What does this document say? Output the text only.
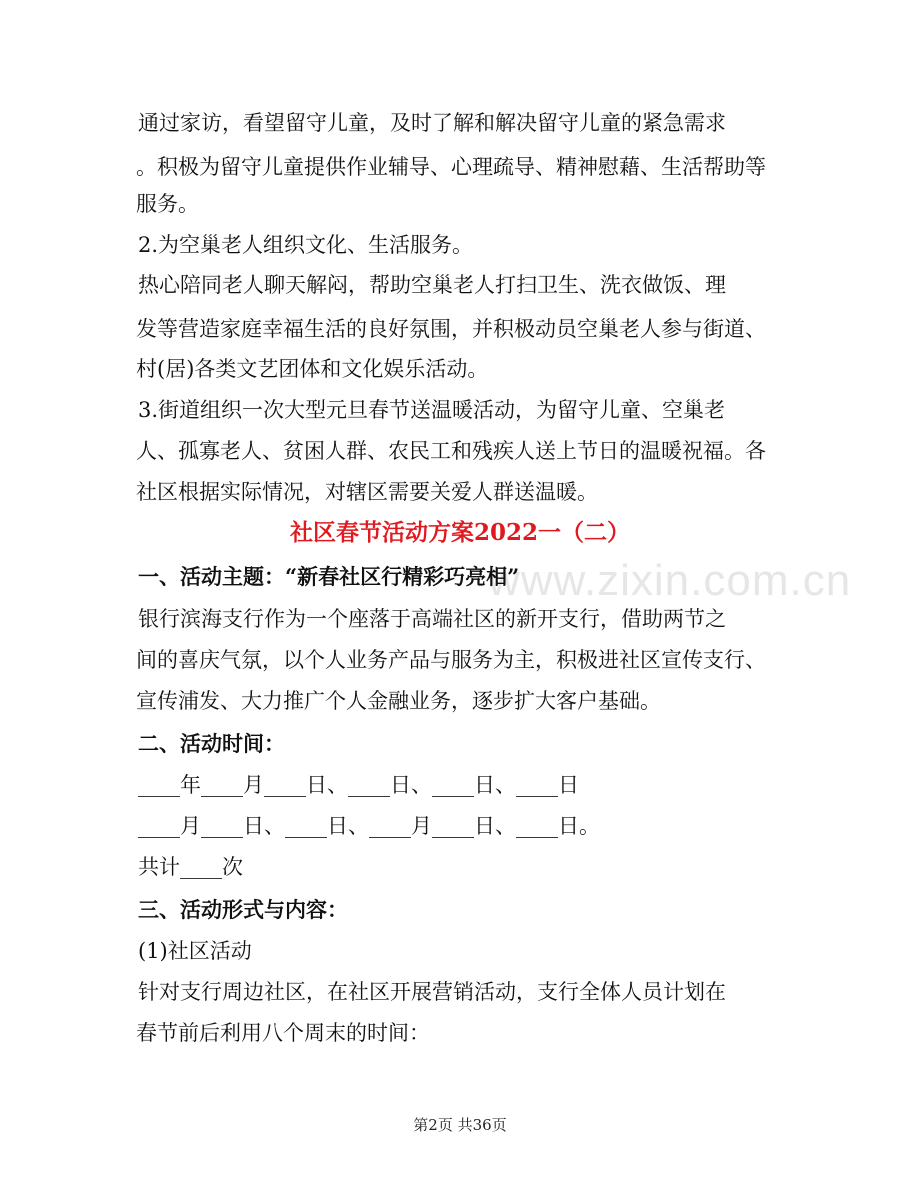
www.zixin.com.cn
通过家访，看望留守儿童，及时了解和解决留守儿童的紧急需求
。积极为留守儿童提供作业辅导、心理疏导、精神慰藉、生活帮助等
服务。
2.为空巢老人组织文化、生活服务。
热心陪同老人聊天解闷，帮助空巢老人打扫卫生、洗衣做饭、理
发等营造家庭幸福生活的良好氛围，并积极动员空巢老人参与街道、
村(居)各类文艺团体和文化娱乐活动。
3.街道组织一次大型元旦春节送温暖活动，为留守儿童、空巢老
人、孤寡老人、贫困人群、农民工和残疾人送上节日的温暖祝福。各
社区根据实际情况，对辖区需要关爱人群送温暖。
社区春节活动方案2022一（二）
一、活动主题：“新春社区行精彩巧亮相”
银行滨海支行作为一个座落于高端社区的新开支行，借助两节之
间的喜庆气氛，以个人业务产品与服务为主，积极进社区宣传支行、
宣传浦发、大力推广个人金融业务，逐步扩大客户基础。
二、活动时间：
____年____月____日、____日、____日、____日
____月____日、____日、____月____日、____日。
共计____次
三、活动形式与内容：
(1)社区活动
针对支行周边社区，在社区开展营销活动，支行全体人员计划在
春节前后利用八个周末的时间：
第2页 共36页
